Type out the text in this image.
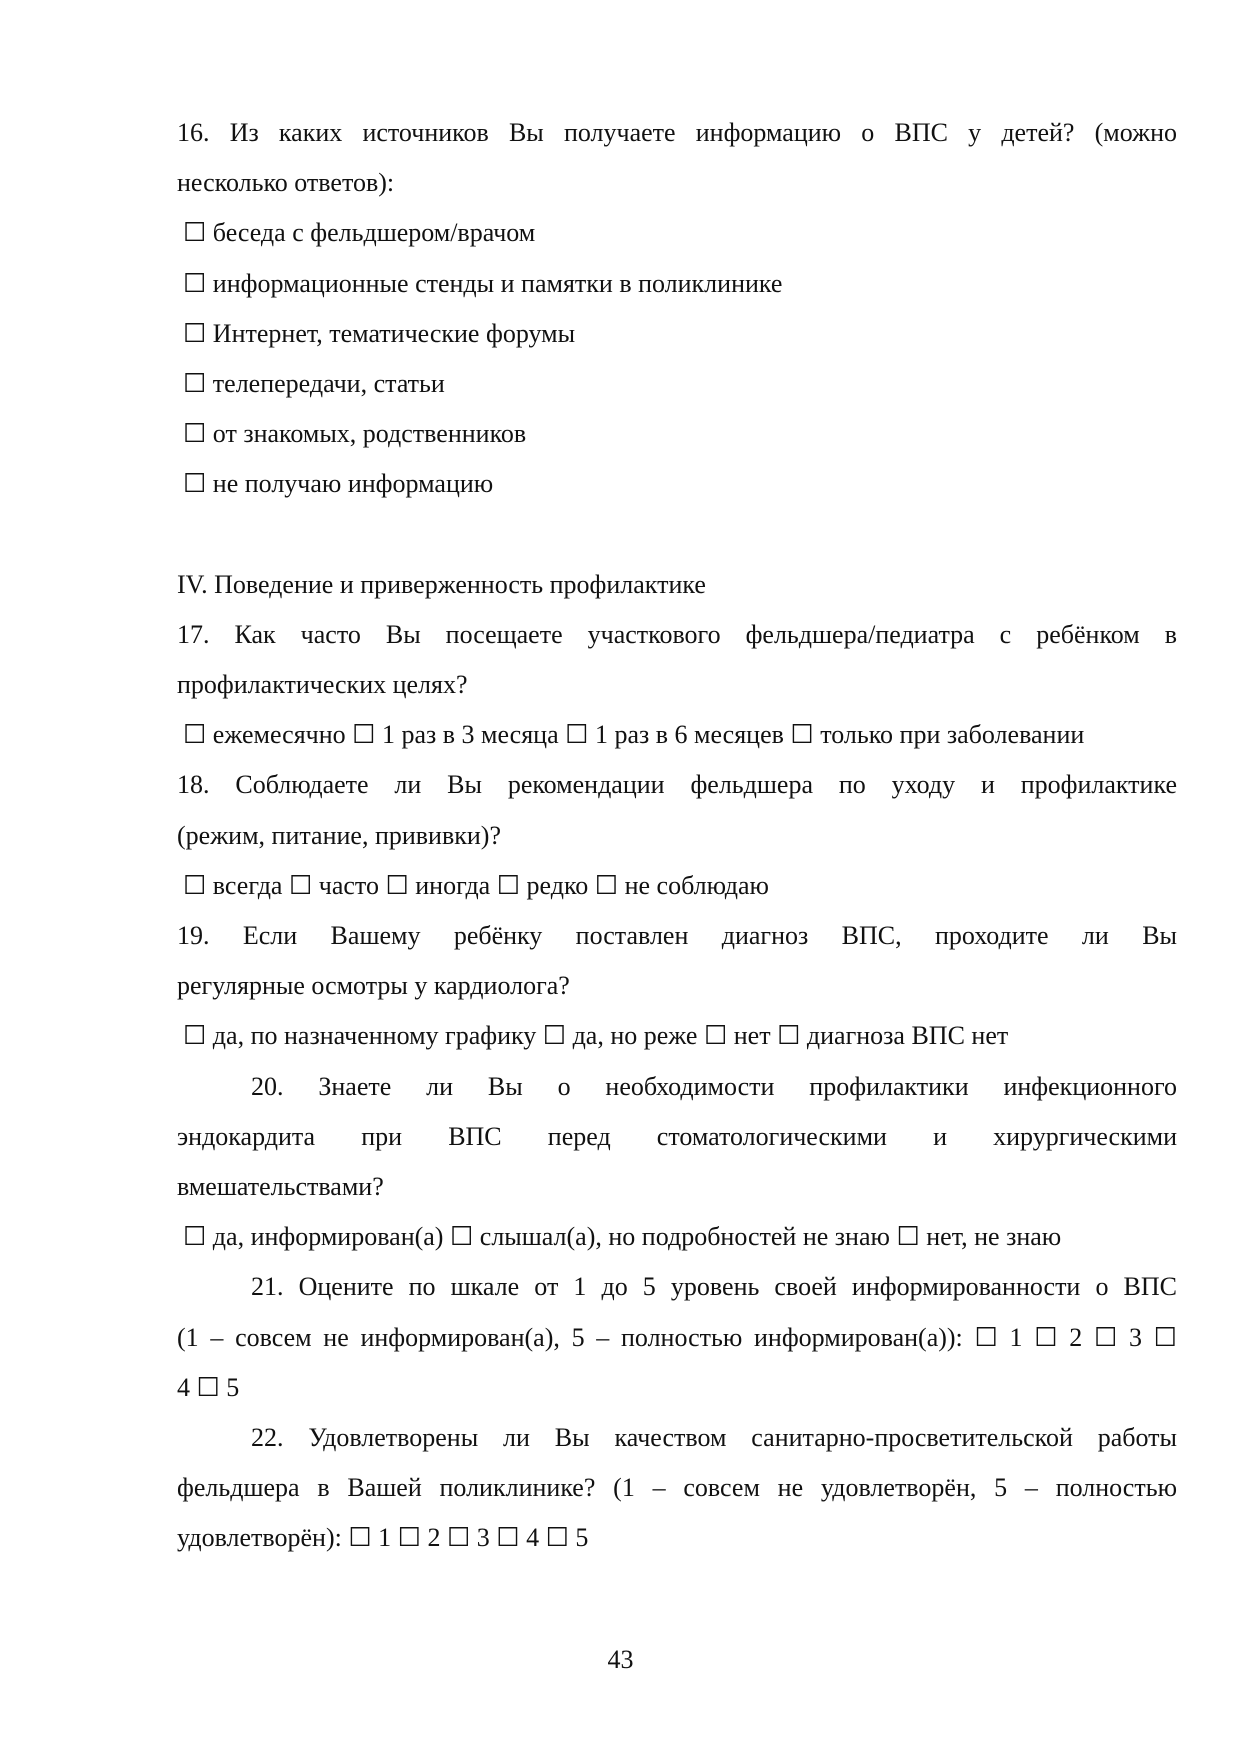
16. Из каких источников Вы получаете информацию о ВПС у детей? (можно
несколько ответов):
☐ беседа с фельдшером/врачом
☐ информационные стенды и памятки в поликлинике
☐ Интернет, тематические форумы
☐ телепередачи, статьи
☐ от знакомых, родственников
☐ не получаю информацию
IV. Поведение и приверженность профилактике
17. Как часто Вы посещаете участкового фельдшера/педиатра с ребёнком в
профилактических целях?
☐ ежемесячно ☐ 1 раз в 3 месяца ☐ 1 раз в 6 месяцев ☐ только при заболевании
18. Соблюдаете ли Вы рекомендации фельдшера по уходу и профилактике
(режим, питание, прививки)?
☐ всегда ☐ часто ☐ иногда ☐ редко ☐ не соблюдаю
19. Если Вашему ребёнку поставлен диагноз ВПС, проходите ли Вы
регулярные осмотры у кардиолога?
☐ да, по назначенному графику ☐ да, но реже ☐ нет ☐ диагноза ВПС нет
20. Знаете ли Вы о необходимости профилактики инфекционного
эндокардита при ВПС перед стоматологическими и хирургическими
вмешательствами?
☐ да, информирован(а) ☐ слышал(а), но подробностей не знаю ☐ нет, не знаю
21. Оцените по шкале от 1 до 5 уровень своей информированности о ВПС
(1 – совсем не информирован(а), 5 – полностью информирован(а)): ☐ 1 ☐ 2 ☐ 3 ☐
4 ☐ 5
22. Удовлетворены ли Вы качеством санитарно-просветительской работы
фельдшера в Вашей поликлинике? (1 – совсем не удовлетворён, 5 – полностью
удовлетворён): ☐ 1 ☐ 2 ☐ 3 ☐ 4 ☐ 5
43
